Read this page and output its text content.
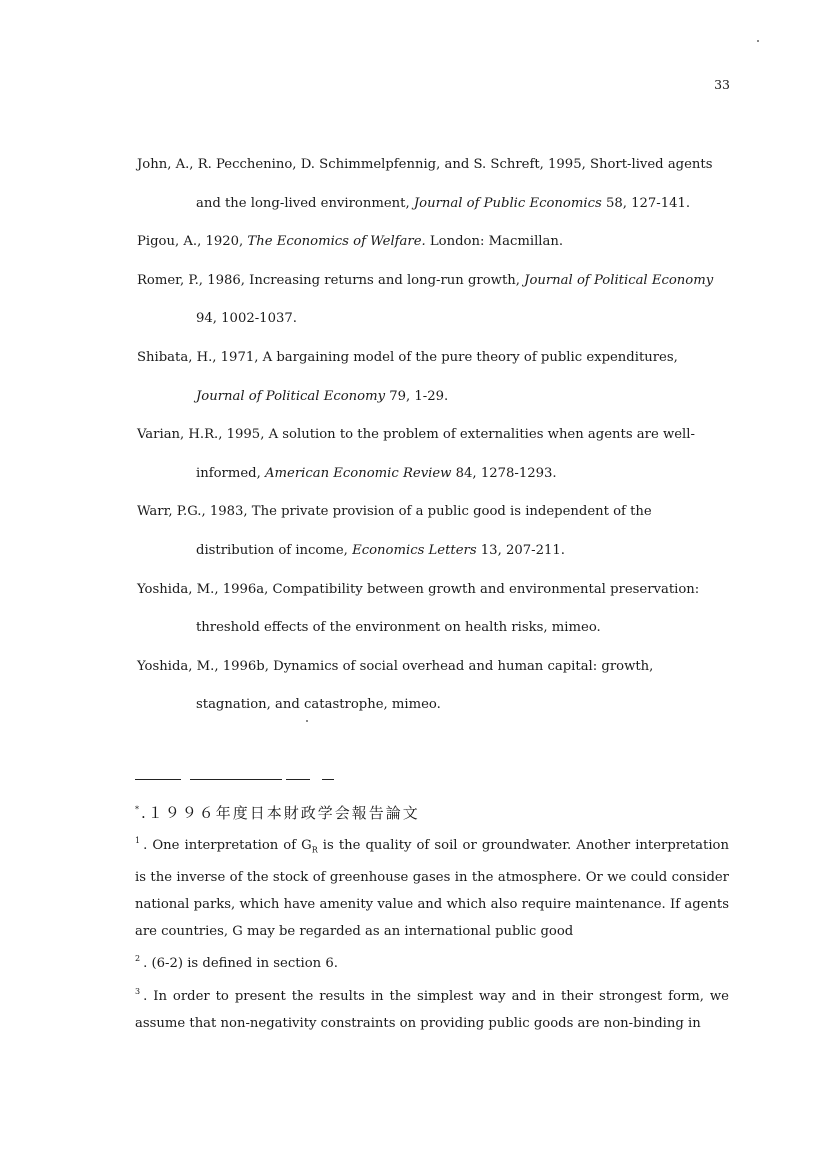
33
John, A., R. Pecchenino, D. Schimmelpfennig, and S. Schreft, 1995, Short-lived agents
and the long-lived environment, Journal of Public Economics 58, 127-141.
Pigou, A., 1920, The Economics of Welfare. London: Macmillan.
Romer, P., 1986, Increasing returns and long-run growth, Journal of Political Economy
94, 1002-1037.
Shibata, H., 1971, A bargaining model of the pure theory of public expenditures,
Journal of Political Economy 79, 1-29.
Varian, H.R., 1995, A solution to the problem of externalities when agents are well-
informed, American Economic Review 84, 1278-1293.
Warr, P.G., 1983, The private provision of a public good is independent of the
distribution of income, Economics Letters 13, 207-211.
Yoshida, M., 1996a, Compatibility between growth and environmental preservation:
threshold effects of the environment on health risks, mimeo.
Yoshida, M., 1996b, Dynamics of social overhead and human capital: growth,
stagnation, and catastrophe, mimeo.
*.１９９６年度日本財政学会報告論文
$^1$ . One interpretation of $G_R$ is the quality of soil or groundwater. Another interpretation is the inverse of the stock of greenhouse gases in the atmosphere. Or we could consider national parks, which have amenity value and which also require maintenance. If agents are countries, G may be regarded as an international public good
$^2$ . (6-2) is defined in section 6.
$^3$ . In order to present the results in the simplest way and in their strongest form, we assume that non-negativity constraints on providing public goods are non-binding in
